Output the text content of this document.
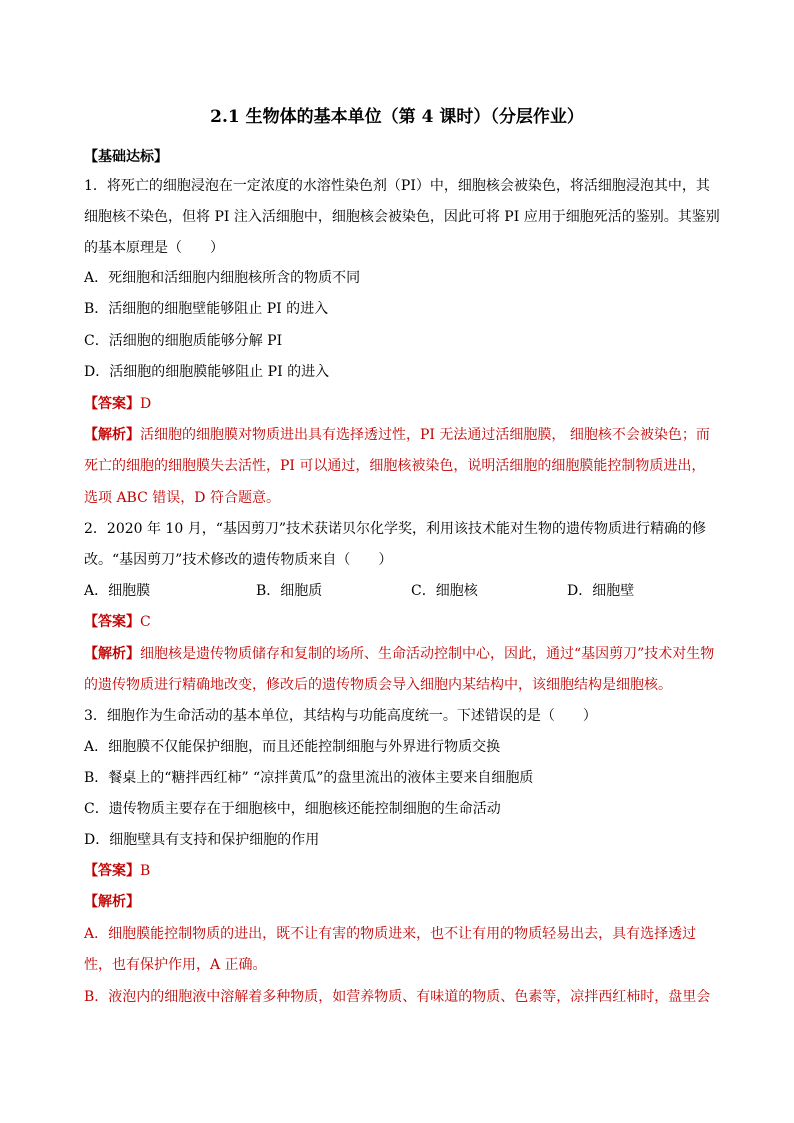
2.1 生物体的基本单位（第 4 课时）（分层作业）
【基础达标】
1．将死亡的细胞浸泡在一定浓度的水溶性染色剂（PI）中，细胞核会被染色，将活细胞浸泡其中，其
细胞核不染色，但将 PI 注入活细胞中，细胞核会被染色，因此可将 PI 应用于细胞死活的鉴别。其鉴别
的基本原理是（　　）
A．死细胞和活细胞内细胞核所含的物质不同
B．活细胞的细胞壁能够阻止 PI 的进入
C．活细胞的细胞质能够分解 PI
D．活细胞的细胞膜能够阻止 PI 的进入
【答案】D
【解析】活细胞的细胞膜对物质进出具有选择透过性，PI 无法通过活细胞膜， 细胞核不会被染色；而
死亡的细胞的细胞膜失去活性，PI 可以通过，细胞核被染色，说明活细胞的细胞膜能控制物质进出，
选项 ABC 错误，D 符合题意。
2．2020 年 10 月，“基因剪刀”技术获诺贝尔化学奖，利用该技术能对生物的遗传物质进行精确的修
改。“基因剪刀”技术修改的遗传物质来自（　　）
A．细胞膜	B．细胞质	C．细胞核	D．细胞壁
【答案】C
【解析】细胞核是遗传物质储存和复制的场所、生命活动控制中心，因此，通过“基因剪刀”技术对生物
的遗传物质进行精确地改变，修改后的遗传物质会导入细胞内某结构中，该细胞结构是细胞核。
3．细胞作为生命活动的基本单位，其结构与功能高度统一。下述错误的是（　　）
A．细胞膜不仅能保护细胞，而且还能控制细胞与外界进行物质交换
B．餐桌上的“糖拌西红柿” “凉拌黄瓜”的盘里流出的液体主要来自细胞质
C．遗传物质主要存在于细胞核中，细胞核还能控制细胞的生命活动
D．细胞壁具有支持和保护细胞的作用
【答案】B
【解析】
A．细胞膜能控制物质的进出，既不让有害的物质进来，也不让有用的物质轻易出去，具有选择透过
性，也有保护作用，A 正确。
B．液泡内的细胞液中溶解着多种物质，如营养物质、有味道的物质、色素等，凉拌西红柿时，盘里会
